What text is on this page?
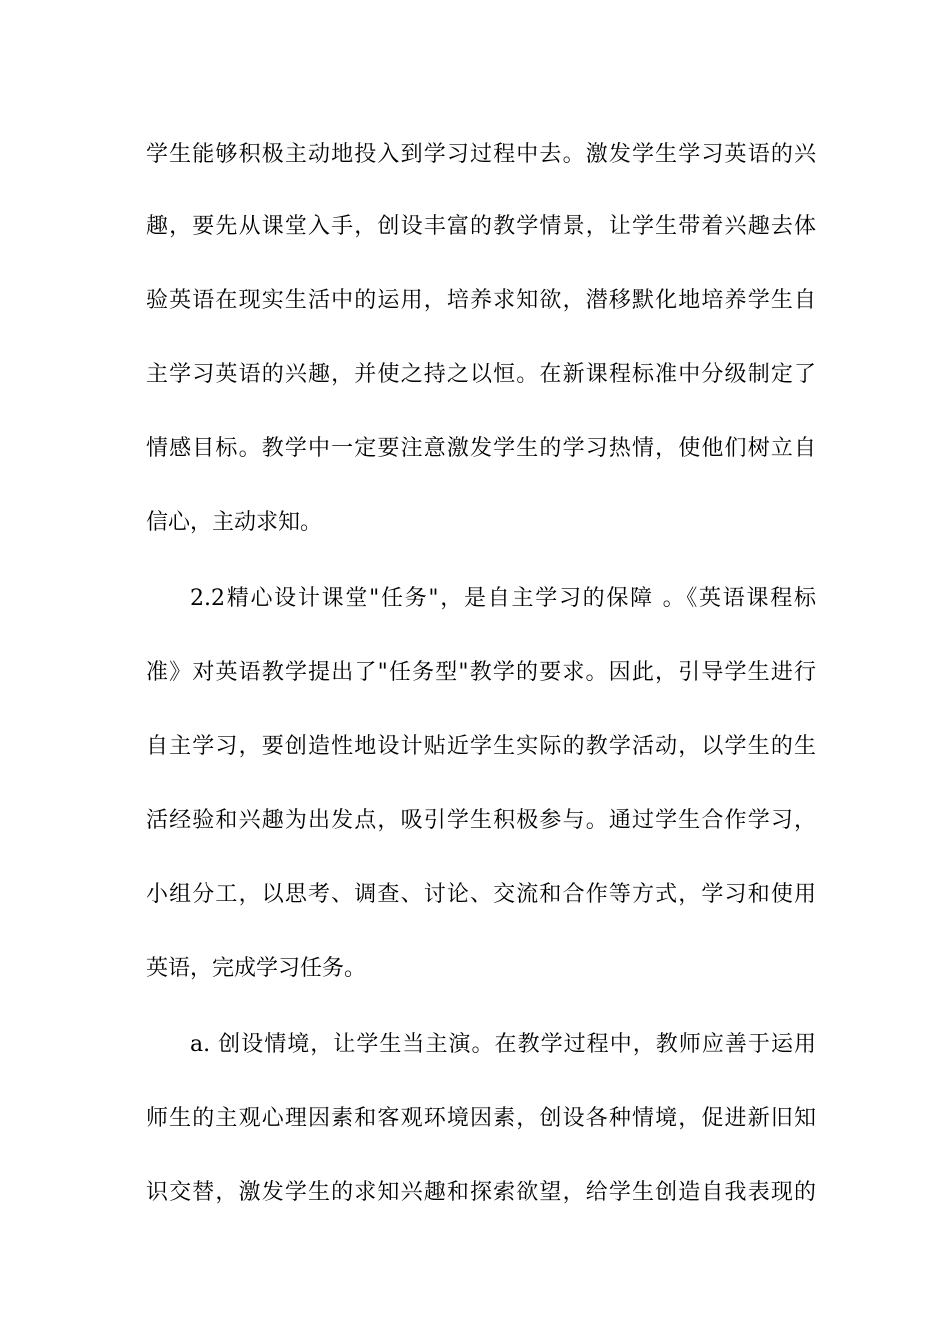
学生能够积极主动地投入到学习过程中去。激发学生学习英语的兴
趣，要先从课堂入手，创设丰富的教学情景，让学生带着兴趣去体
验英语在现实生活中的运用，培养求知欲，潜移默化地培养学生自
主学习英语的兴趣，并使之持之以恒。在新课程标准中分级制定了
情感目标。教学中一定要注意激发学生的学习热情，使他们树立自
信心，主动求知。
2.2精心设计课堂"任务"，是自主学习的保障 。《英语课程标
准》对英语教学提出了"任务型"教学的要求。因此，引导学生进行
自主学习，要创造性地设计贴近学生实际的教学活动，以学生的生
活经验和兴趣为出发点，吸引学生积极参与。通过学生合作学习，
小组分工，以思考、调查、讨论、交流和合作等方式，学习和使用
英语，完成学习任务。
a. 创设情境，让学生当主演。在教学过程中，教师应善于运用
师生的主观心理因素和客观环境因素，创设各种情境，促进新旧知
识交替，激发学生的求知兴趣和探索欲望，给学生创造自我表现的
